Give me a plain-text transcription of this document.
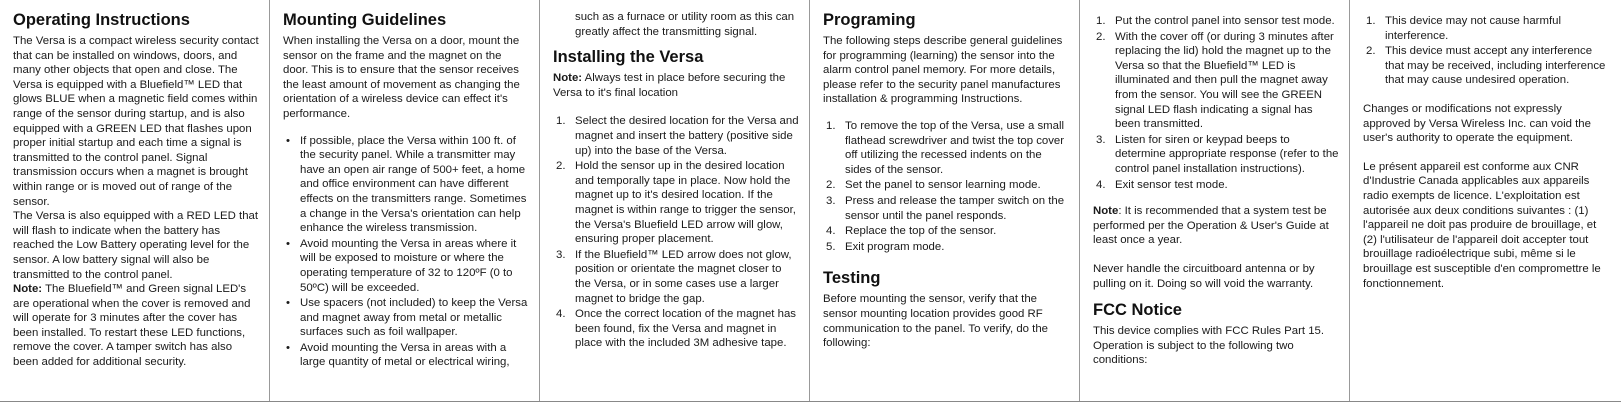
Operating Instructions

The Versa is a compact wireless security contact that can be installed on windows, doors, and many other objects that open and close. The Versa is equipped with a Bluefield™ LED that glows BLUE when a magnetic field comes within range of the sensor during startup, and is also equipped with a GREEN LED that flashes upon proper initial startup and each time a signal is transmitted to the control panel. Signal transmission occurs when a magnet is brought within range or is moved out of range of the sensor.

The Versa is also equipped with a RED LED that will flash to indicate when the battery has reached the Low Battery operating level for the sensor. A low battery signal will also be transmitted to the control panel.

Note: The Bluefield™ and Green signal LED's are operational when the cover is removed and will operate for 3 minutes after the cover has been installed. To restart these LED functions, remove the cover. A tamper switch has also been added for additional security.

Mounting Guidelines

When installing the Versa on a door, mount the sensor on the frame and the magnet on the door. This is to ensure that the sensor receives the least amount of movement as changing the orientation of a wireless device can effect it's performance.

• If possible, place the Versa within 100 ft. of the security panel. While a transmitter may have an open air range of 500+ feet, a home and office environment can have different effects on the transmitters range. Sometimes a change in the Versa's orientation can help enhance the wireless transmission.
• Avoid mounting the Versa in areas where it will be exposed to moisture or where the operating temperature of 32 to 120ºF (0 to 50ºC) will be exceeded.
• Use spacers (not included) to keep the Versa and magnet away from metal or metallic surfaces such as foil wallpaper.
• Avoid mounting the Versa in areas with a large quantity of metal or electrical wiring,

such as a furnace or utility room as this can greatly affect the transmitting signal.

Installing the Versa

Note: Always test in place before securing the Versa to it's final location

1. Select the desired location for the Versa and magnet and insert the battery (positive side up) into the base of the Versa.
2. Hold the sensor up in the desired location and temporally tape in place. Now hold the magnet up to it's desired location. If the magnet is within range to trigger the sensor, the Versa's Bluefield LED arrow will glow, ensuring proper placement.
3. If the Bluefield™ LED arrow does not glow, position or orientate the magnet closer to the Versa, or in some cases use a larger magnet to bridge the gap.
4. Once the correct location of the magnet has been found, fix the Versa and magnet in place with the included 3M adhesive tape.
Programing

The following steps describe general guidelines for programming (learning) the sensor into the alarm control panel memory. For more details, please refer to the security panel manufactures installation & programming Instructions.

1. To remove the top of the Versa, use a small flathead screwdriver and twist the top cover off utilizing the recessed indents on the sides of the sensor.
2. Set the panel to sensor learning mode.
3. Press and release the tamper switch on the sensor until the panel responds.
4. Replace the top of the sensor.
5. Exit program mode.
Testing

Before mounting the sensor, verify that the sensor mounting location provides good RF communication to the panel. To verify, do the following:

1. Put the control panel into sensor test mode.
2. With the cover off (or during 3 minutes after replacing the lid) hold the magnet up to the Versa so that the Bluefield™ LED is illuminated and then pull the magnet away from the sensor. You will see the GREEN signal LED flash indicating a signal has been transmitted.
3. Listen for siren or keypad beeps to determine appropriate response (refer to the control panel installation instructions).
4. Exit sensor test mode.

Note: It is recommended that a system test be performed per the Operation & User's Guide at least once a year.

Never handle the circuitboard antenna or by pulling on it. Doing so will void the warranty.

FCC Notice

This device complies with FCC Rules Part 15. Operation is subject to the following two conditions:

1. This device may not cause harmful interference.
2. This device must accept any interference that may be received, including interference that may cause undesired operation.

Changes or modifications not expressly approved by Versa Wireless Inc. can void the user's authority to operate the equipment.

Le présent appareil est conforme aux CNR d'Industrie Canada applicables aux appareils radio exempts de licence. L'exploitation est autorisée aux deux conditions suivantes : (1) l'appareil ne doit pas produire de brouillage, et (2) l'utilisateur de l'appareil doit accepter tout brouillage radioélectrique subi, même si le brouillage est susceptible d'en compromettre le fonctionnement.
